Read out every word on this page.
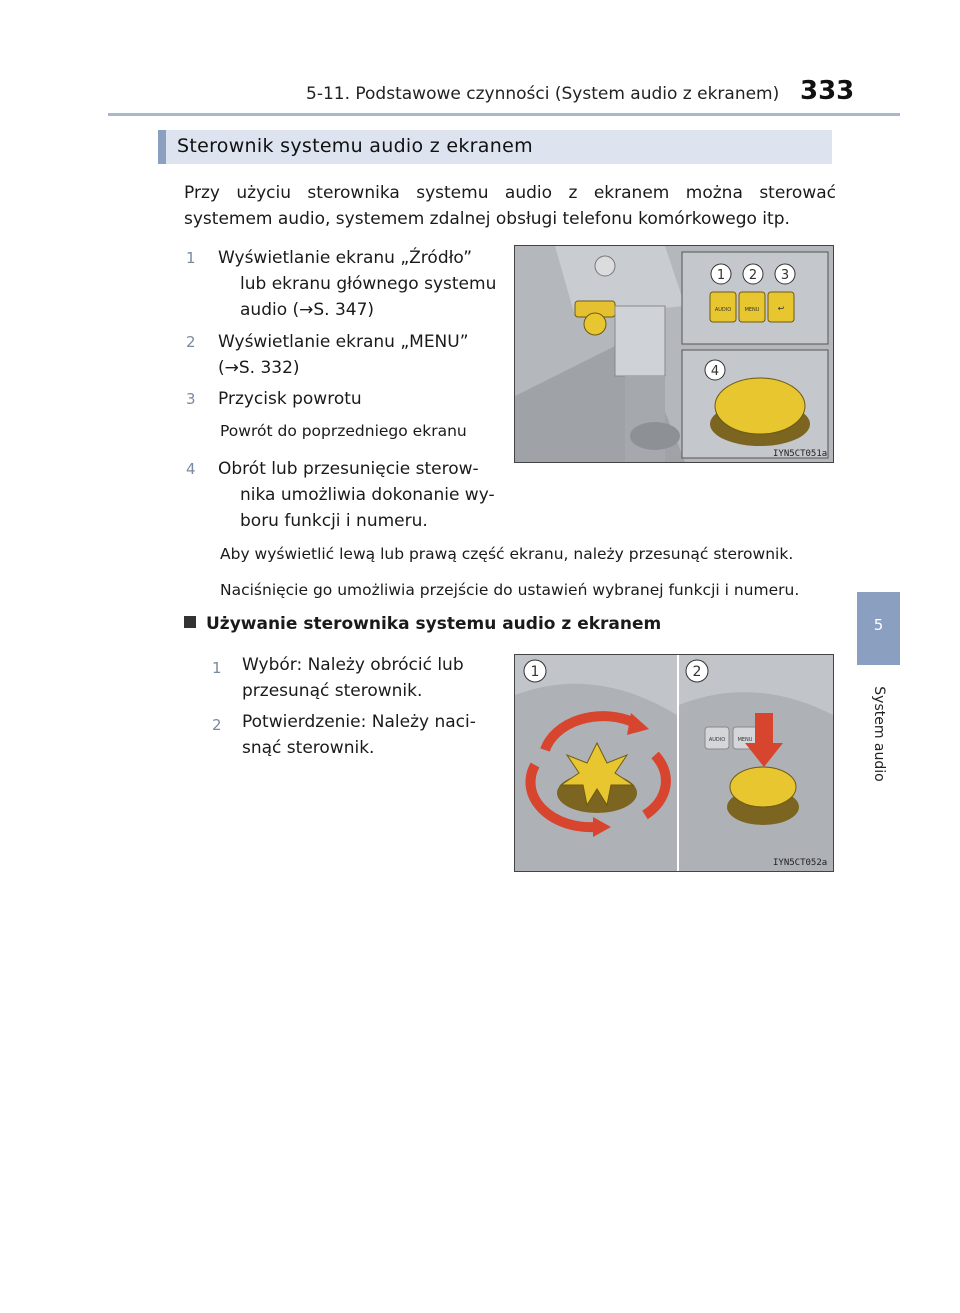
5-11. Podstawowe czynności (System audio z ekranem) 333
5
System audio
Sterownik systemu audio z ekranem
Przy użyciu sterownika systemu audio z ekranem można sterować systemem audio, systemem zdalnej obsługi telefonu komórkowego itp.
1 Wyświetlanie ekranu „Źródło”
lub ekranu głównego systemu
audio (→S. 347)
2 Wyświetlanie ekranu „MENU”
(→S. 332)
3 Przycisk powrotu
Powrót do poprzedniego ekranu
4 Obrót lub przesunięcie sterow-
nika umożliwia dokonanie wy-
boru funkcji i numeru.
Aby wyświetlić lewą lub prawą część ekranu, należy przesunąć sterownik.
Naciśnięcie go umożliwia przejście do ustawień wybranej funkcji i numeru.
AUDIO	MENU ↩
1 2 3
4
IYN5CT051a
Używanie sterownika systemu audio z ekranem
1 Wybór: Należy obrócić lub
przesunąć sterownik.
2 Potwierdzenie: Należy naci-
snąć sterownik.	AUDIO MENU
1	2
IYN5CT052a
